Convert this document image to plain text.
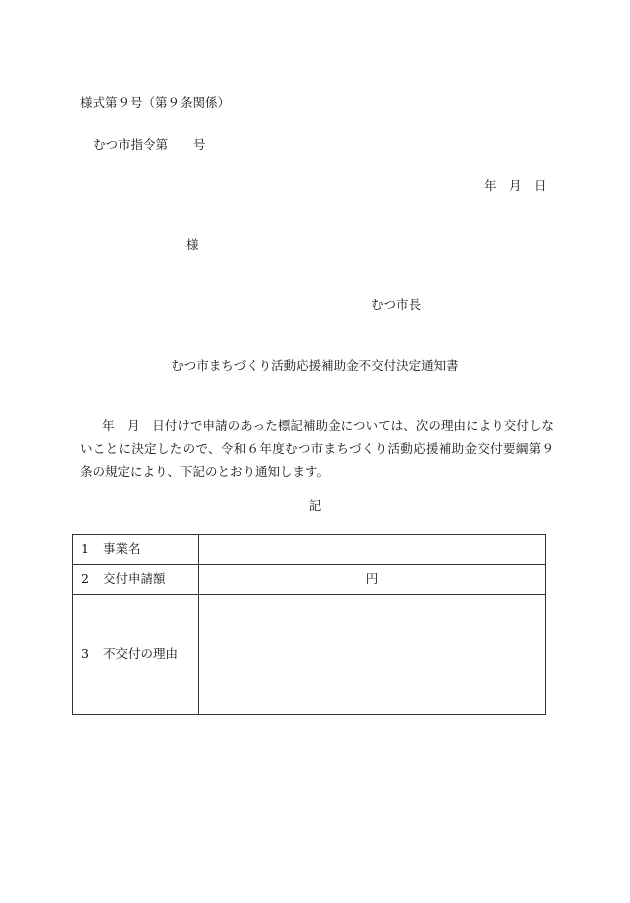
様式第９号（第９条関係）
むつ市指令第　　号
年　月　日
様
むつ市長
むつ市まちづくり活動応援補助金不交付決定通知書

年　月　日付けで申請のあった標記補助金については、次の理由により交付しないことに決定したので、令和６年度むつ市まちづくり活動応援補助金交付要綱第９条の規定により、下記のとおり通知します。

記
1 事業名	
2 交付申請額	円
3 不交付の理由	
